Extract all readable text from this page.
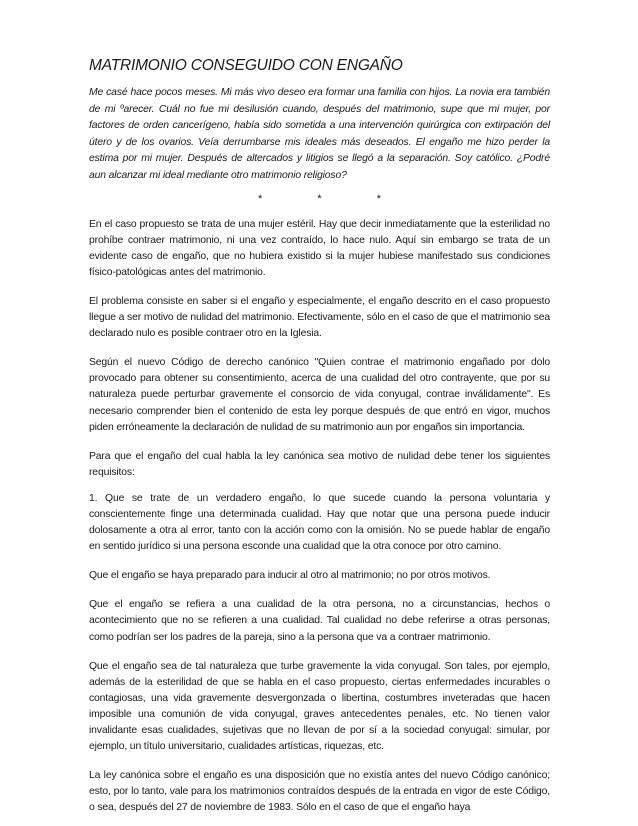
MATRIMONIO CONSEGUIDO CON ENGAÑO

Me casé hace pocos meses. Mi más vivo deseo era formar una familia con hijos. La novia era también de mi ºarecer. Cuál no fue mi desilusión cuando, después del matrimonio, supe que mi mujer, por factores de orden cancerígeno, había sido sometida a una intervención quirúrgica con extirpación del útero y de los ovarios. Veía derrumbarse mis ideales más deseados. El engaño me hizo perder la estima por mi mujer. Después de altercados y litigios se llegó a la separación. Soy católico. ¿Podré aun alcanzar mi ideal mediante otro matrimonio religioso?

* * *

En el caso propuesto se trata de una mujer estéril. Hay que decir inmediatamente que la esterilidad no prohíbe contraer matrimonio, ni una vez contraído, lo hace nulo. Aquí sin embargo se trata de un evidente caso de engaño, que no hubiera existido si la mujer hubiese manifestado sus condiciones físico-patológicas antes del matrimonio.

El problema consiste en saber si el engaño y especialmente, el engaño descrito en el caso propuesto llegue a ser motivo de nulidad del matrimonio. Efectivamente, sólo en el caso de que el matrimonio sea declarado nulo es posible contraer otro en la Iglesia.

Según el nuevo Código de derecho canónico "Quien contrae el matrimonio engañado por dolo provocado para obtener su consentimiento, acerca de una cualidad del otro contrayente, que por su naturaleza puede perturbar gravemente el consorcio de vida conyugal, contrae inválidamente". Es necesario comprender bien el contenido de esta ley porque después de que entró en vigor, muchos piden erróneamente la declaración de nulidad de su matrimonio aun por engaños sin importancia.

Para que el engaño del cual habla la ley canónica sea motivo de nulidad debe tener los siguientes requisitos:

1. Que se trate de un verdadero engaño, lo que sucede cuando la persona voluntaria y conscientemente finge una determinada cualidad. Hay que notar que una persona puede inducir dolosamente a otra al error, tanto con la acción como con la omisión. No se puede hablar de engaño en sentido jurídico si una persona esconde una cualidad que la otra conoce por otro camino.

Que el engaño se haya preparado para inducir al otro al matrimonio; no por otros motivos.

Que el engaño se refiera a una cualidad de la otra persona, no a circunstancias, hechos o acontecimiento que no se refieren a una cualidad. Tal cualidad no debe referirse a otras personas, como podrían ser los padres de la pareja, sino a la persona que va a contraer matrimonio.

Que el engaño sea de tal naturaleza que turbe gravemente la vida conyugal. Son tales, por ejemplo, además de la esterilidad de que se habla en el caso propuesto, ciertas enfermedades incurables o contagiosas, una vida gravemente desvergonzada o libertina, costumbres inveteradas que hacen imposible una comunión de vida conyugal, graves antecedentes penales, etc. No tienen valor invalidante esas cualidades, sujetivas que no llevan de por sí a la sociedad conyugal: simular, por ejemplo, un título universitario, cualidades artísticas, riquezas, etc.

La ley canónica sobre el engaño es una disposición que no existía antes del nuevo Código canónico; esto, por lo tanto, vale para los matrimonios contraídos después de la entrada en vigor de este Código, o sea, después del 27 de noviembre de 1983. Sólo en el caso de que el engaño haya
